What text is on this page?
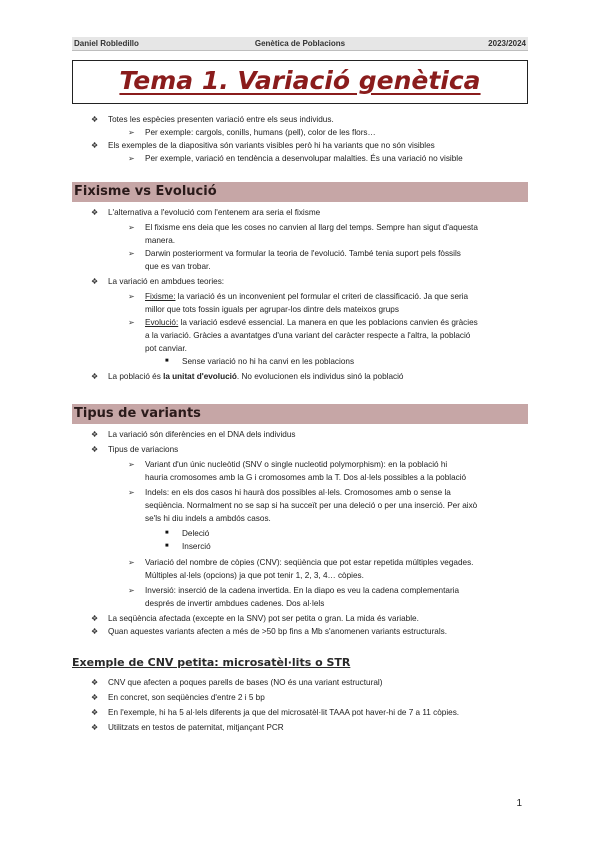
Daniel Robledillo	Genètica de Poblacions	2023/2024
Tema 1. Variació genètica
❖ Totes les espècies presenten variació entre els seus individus.
➢ Per exemple: cargols, conills, humans (pell), color de les flors…
❖ Els exemples de la diapositiva són variants visibles però hi ha variants que no són visibles
➢ Per exemple, variació en tendència a desenvolupar malalties. És una variació no visible
Fixisme vs Evolució
❖ L'alternativa a l'evolució com l'entenem ara seria el fixisme
➢ El fixisme ens deia que les coses no canvien al llarg del temps. Sempre han sigut d'aquesta
manera.
➢ Darwin posteriorment va formular la teoria de l'evolució. També tenia suport pels fòssils
que es van trobar.
❖ La variació en ambdues teories:
➢ Fixisme: la variació és un inconvenient pel formular el criteri de classificació. Ja que seria
millor que tots fossin iguals per agrupar-los dintre dels mateixos grups
➢ Evolució: la variació esdevé essencial. La manera en que les poblacions canvien és gràcies
a la variació. Gràcies a avantatges d'una variant del caràcter respecte a l'altra, la població
pot canviar.
■ Sense variació no hi ha canvi en les poblacions
❖ La població és la unitat d'evolució. No evolucionen els individus sinó la població
Tipus de variants
❖ La variació són diferències en el DNA dels individus
❖ Tipus de variacions
➢ Variant d'un únic nucleòtid (SNV o single nucleotid polymorphism): en la població hi
hauria cromosomes amb la G i cromosomes amb la T. Dos al·lels possibles a la població
➢ Indels: en els dos casos hi haurà dos possibles al·lels. Cromosomes amb o sense la
seqüència. Normalment no se sap si ha succeït per una deleció o per una inserció. Per això
se'ls hi diu indels a ambdós casos.
■ Deleció
■ Inserció
➢ Variació del nombre de còpies (CNV): seqüència que pot estar repetida múltiples vegades.
Múltiples al·lels (opcions) ja que pot tenir 1, 2, 3, 4… còpies.
➢ Inversió: inserció de la cadena invertida. En la diapo es veu la cadena complementaria
després de invertir ambdues cadenes. Dos al·lels
❖ La seqüència afectada (excepte en la SNV) pot ser petita o gran. La mida és variable.
❖ Quan aquestes variants afecten a més de >50 bp fins a Mb s'anomenen variants estructurals.
Exemple de CNV petita: microsatèl·lits o STR
❖ CNV que afecten a poques parells de bases (NO és una variant estructural)
❖ En concret, son seqüències d'entre 2 i 5 bp
❖ En l'exemple, hi ha 5 al·lels diferents ja que del microsatèl·lit TAAA pot haver-hi de 7 a 11 còpies.
❖ Utilitzats en testos de paternitat, mitjançant PCR
1
